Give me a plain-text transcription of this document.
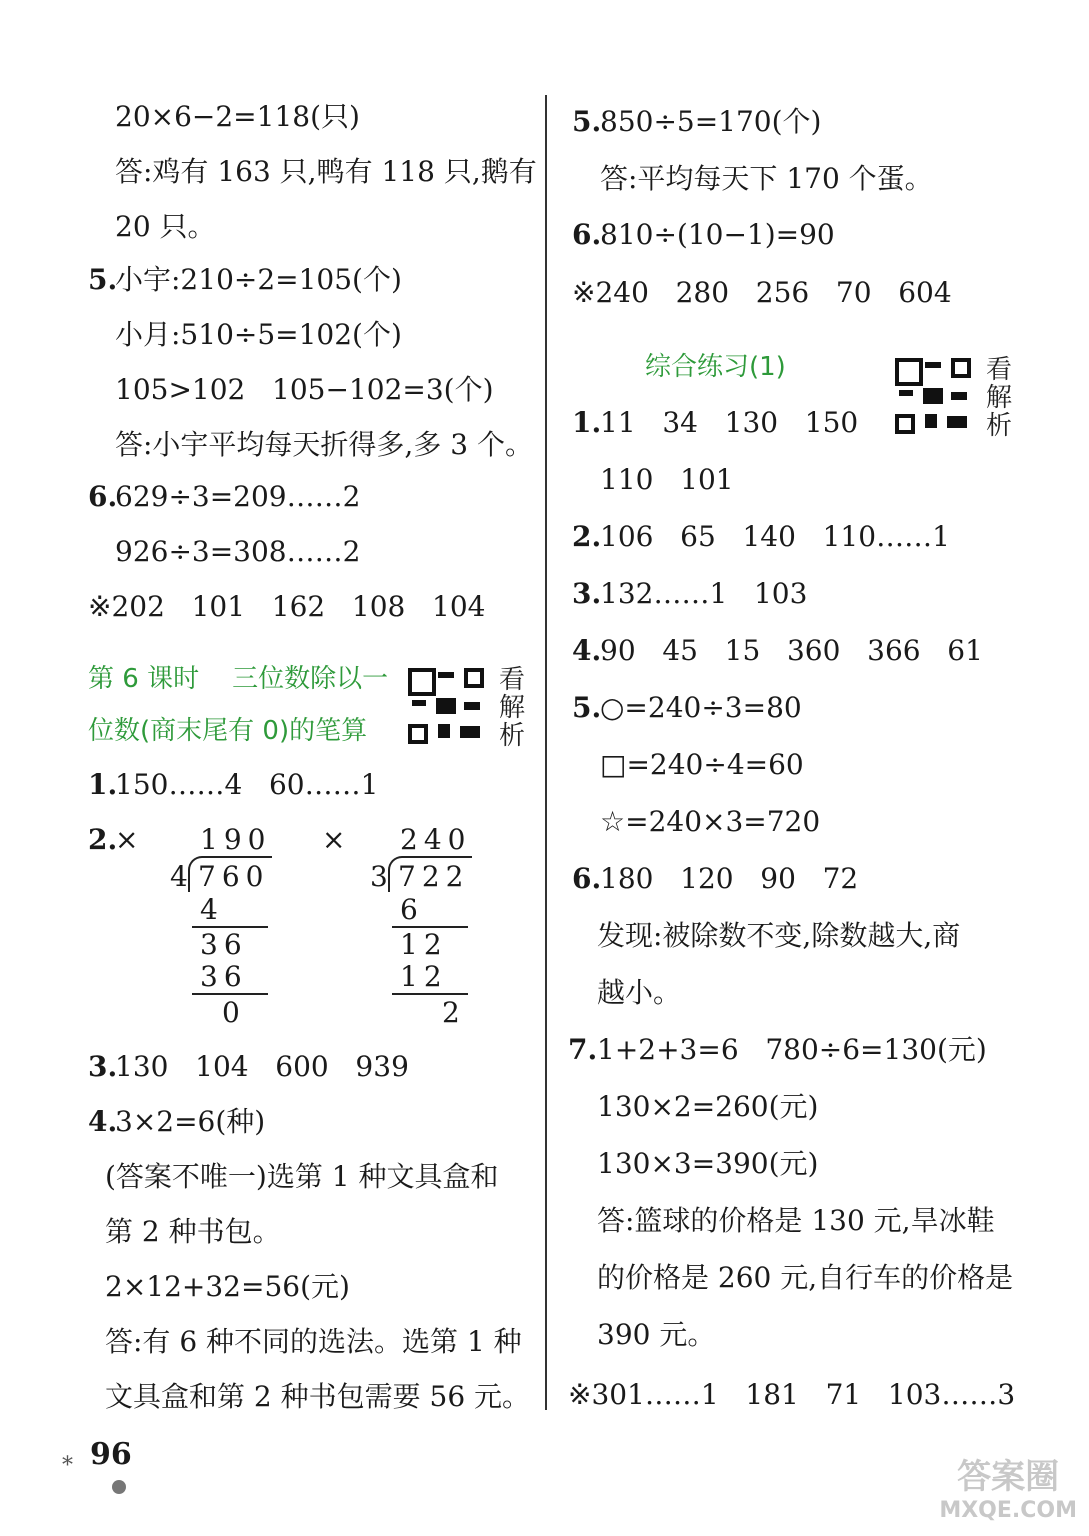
20×6−2=118(只)
答:鸡有 163 只,鸭有 118 只,鹅有
20 只。
5.
小宇:210÷2=105(个)
小月:510÷5=102(个)
105>102   105−102=3(个)
答:小宇平均每天折得多,多 3 个。
6.
629÷3=209……2
926÷3=308……2
※202   101   162   108   104
第 6 课时    三位数除以一
位数(商末尾有 0)的笔算
看解析
1.
150……4   60……1
2.
×	×
190
4 760
4
36
36
0
240
3 722
6
12
12
2
3.
130   104   600   939
4.
3×2=6(种)
(答案不唯一)选第 1 种文具盒和
第 2 种书包。
2×12+32=56(元)
答:有 6 种不同的选法。选第 1 种
文具盒和第 2 种书包需要 56 元。
5.
850÷5=170(个)
答:平均每天下 170 个蛋。
6.
810÷(10−1)=90
※240   280   256   70   604
综合练习(1)	看解析
1.
11   34   130   150
110   101
2.
106   65   140   110……1
3.
132……1   103
4.
90   45   15   360   366   61
5.
○=240÷3=80
□=240÷4=60
☆=240×3=720
6.
180   120   90   72
发现:被除数不变,除数越大,商
越小。
7. 1+2+3=6   780÷6=130(元)
130×2=260(元)
130×3=390(元)
答:篮球的价格是 130 元,旱冰鞋
的价格是 260 元,自行车的价格是
390 元。
※301……1   181   71   103……3
⁎ 96
答案圈
MXQE.COM
